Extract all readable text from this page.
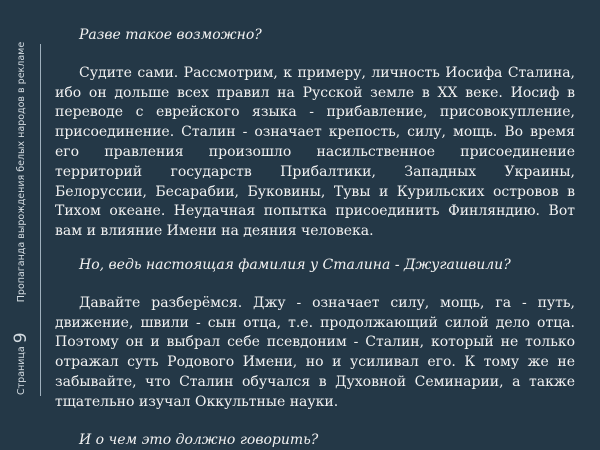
Страница 9          Пропаганда вырождения белых народов в рекламе

Разве такое возможно?

Судите сами. Рассмотрим, к примеру, личность Иосифа Сталина, ибо он дольше всех правил на Русской земле в XX веке. Иосиф в переводе с еврейского языка - прибавление, присовокупление, присоединение. Сталин - означает крепость, силу, мощь. Во время его правления произошло насильственное присоединение территорий государств Прибалтики, Западных Украины, Белоруссии, Бесарабии, Буковины, Тувы и Курильских островов в Тихом океане. Неудачная попытка присоединить Финляндию. Вот вам и влияние Имени на деяния человека.

Но, ведь настоящая фамилия у Сталина - Джугашвили?

Давайте разберёмся. Джу - означает силу, мощь, га - путь, движение, швили - сын отца, т.е. продолжающий силой дело отца. Поэтому он и выбрал себе псевдоним - Сталин, который не только отражал суть Родового Имени, но и усиливал его. К тому же не забывайте, что Сталин обучался в Духовной Семинарии, а также тщательно изучал Оккультные науки.

И о чем это должно говорить?
